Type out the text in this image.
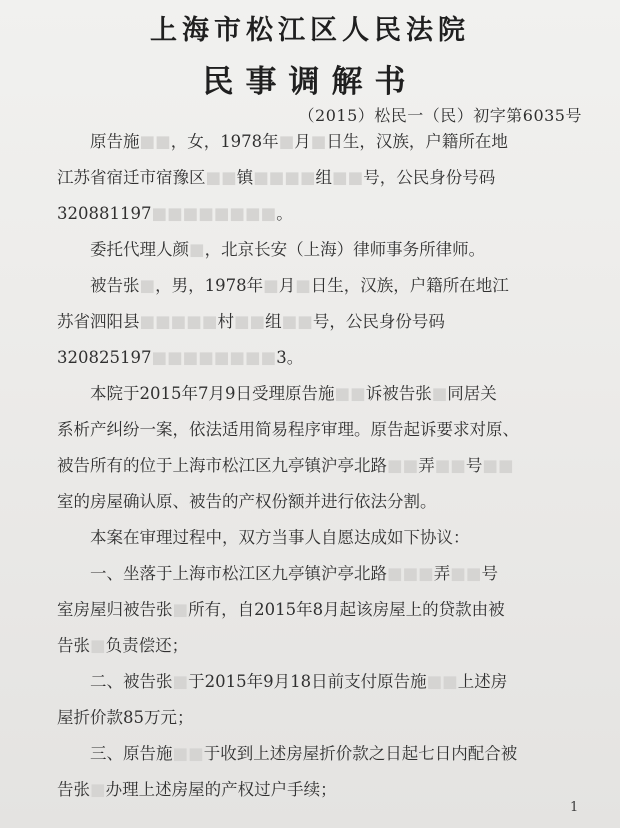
上海市松江区人民法院
民事调解书
（2015）松民一（民）初字第6035号
原告施■■，女，1978年■月■日生，汉族，户籍所在地
江苏省宿迁市宿豫区■■镇■■■■组■■号，公民身份号码
320881197■■■■■■■■。
委托代理人颜■，北京长安（上海）律师事务所律师。
被告张■，男，1978年■月■日生，汉族，户籍所在地江
苏省泗阳县■■■■■村■■组■■号，公民身份号码
320825197■■■■■■■■3。
本院于2015年7月9日受理原告施■■诉被告张■同居关
系析产纠纷一案，依法适用简易程序审理。原告起诉要求对原、
被告所有的位于上海市松江区九亭镇沪亭北路■■弄■■号■■
室的房屋确认原、被告的产权份额并进行依法分割。
本案在审理过程中，双方当事人自愿达成如下协议：
一、坐落于上海市松江区九亭镇沪亭北路■■■弄■■号
室房屋归被告张■所有，自2015年8月起该房屋上的贷款由被
告张■负责偿还；
二、被告张■于2015年9月18日前支付原告施■■上述房
屋折价款85万元；
三、原告施■■于收到上述房屋折价款之日起七日内配合被
告张■办理上述房屋的产权过户手续；
1
